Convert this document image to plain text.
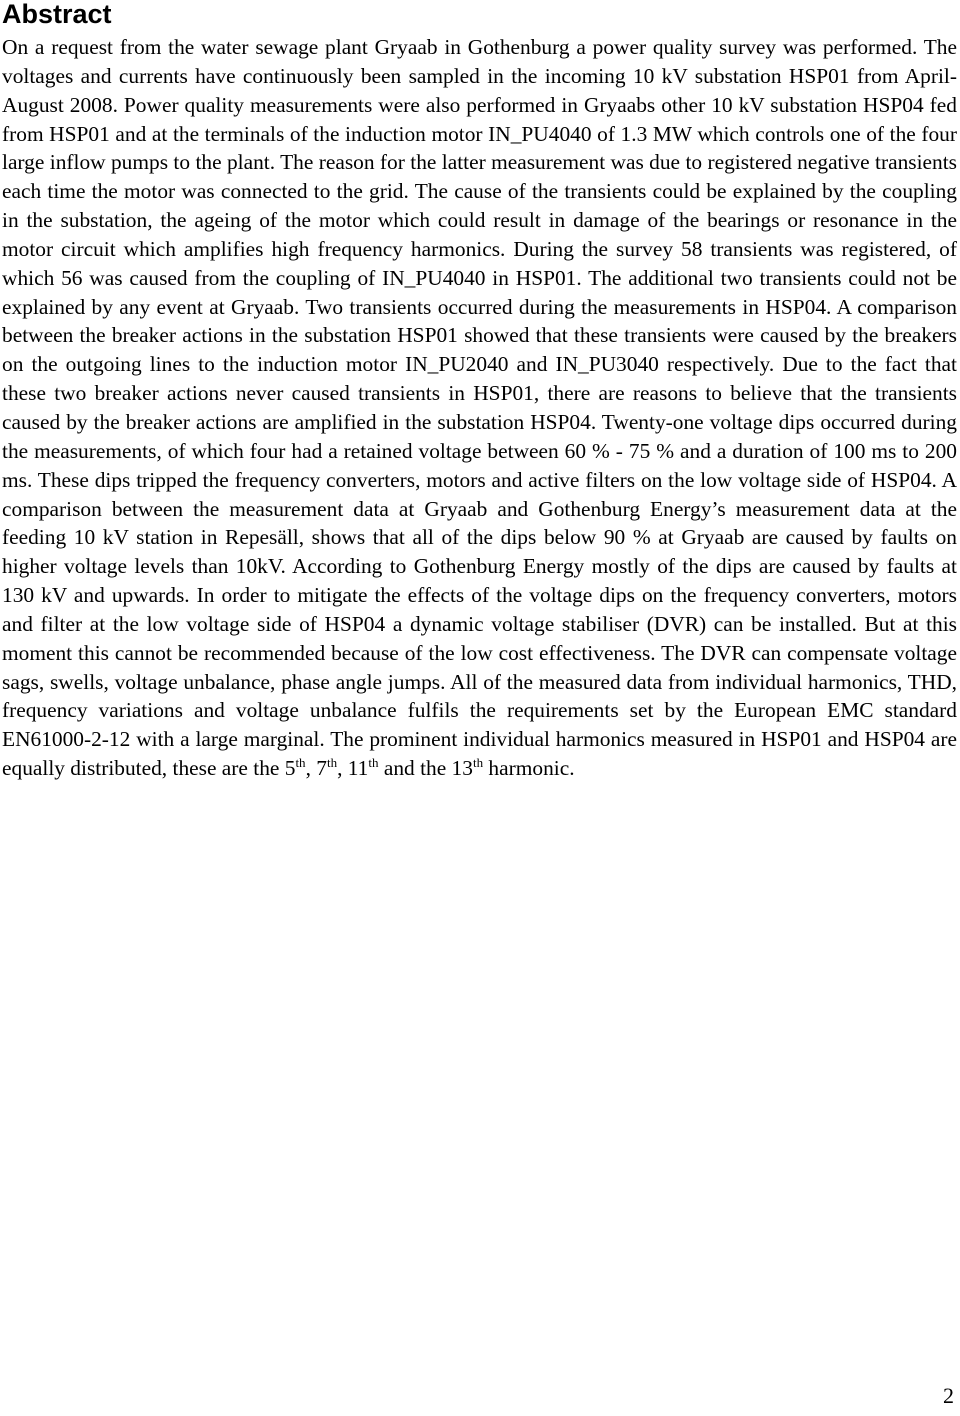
Abstract

On a request from the water sewage plant Gryaab in Gothenburg a power quality survey was performed. The voltages and currents have continuously been sampled in the incoming 10 kV substation HSP01 from April-August 2008. Power quality measurements were also performed in Gryaabs other 10 kV substation HSP04 fed from HSP01 and at the terminals of the induction motor IN_PU4040 of 1.3 MW which controls one of the four large inflow pumps to the plant. The reason for the latter measurement was due to registered negative transients each time the motor was connected to the grid. The cause of the transients could be explained by the coupling in the substation, the ageing of the motor which could result in damage of the bearings or resonance in the motor circuit which amplifies high frequency harmonics. During the survey 58 transients was registered, of which 56 was caused from the coupling of IN_PU4040 in HSP01. The additional two transients could not be explained by any event at Gryaab. Two transients occurred during the measurements in HSP04. A comparison between the breaker actions in the substation HSP01 showed that these transients were caused by the breakers on the outgoing lines to the induction motor IN_PU2040 and IN_PU3040 respectively. Due to the fact that these two breaker actions never caused transients in HSP01, there are reasons to believe that the transients caused by the breaker actions are amplified in the substation HSP04. Twenty-one voltage dips occurred during the measurements, of which four had a retained voltage between 60 % - 75 % and a duration of 100 ms to 200 ms. These dips tripped the frequency converters, motors and active filters on the low voltage side of HSP04. A comparison between the measurement data at Gryaab and Gothenburg Energy’s measurement data at the feeding 10 kV station in Repesäll, shows that all of the dips below 90 % at Gryaab are caused by faults on higher voltage levels than 10kV. According to Gothenburg Energy mostly of the dips are caused by faults at 130 kV and upwards. In order to mitigate the effects of the voltage dips on the frequency converters, motors and filter at the low voltage side of HSP04 a dynamic voltage stabiliser (DVR) can be installed. But at this moment this cannot be recommended because of the low cost effectiveness. The DVR can compensate voltage sags, swells, voltage unbalance, phase angle jumps. All of the measured data from individual harmonics, THD, frequency variations and voltage unbalance fulfils the requirements set by the European EMC standard EN61000-2-12 with a large marginal. The prominent individual harmonics measured in HSP01 and HSP04 are equally distributed, these are the 5th, 7th, 11th and the 13th harmonic.

2
